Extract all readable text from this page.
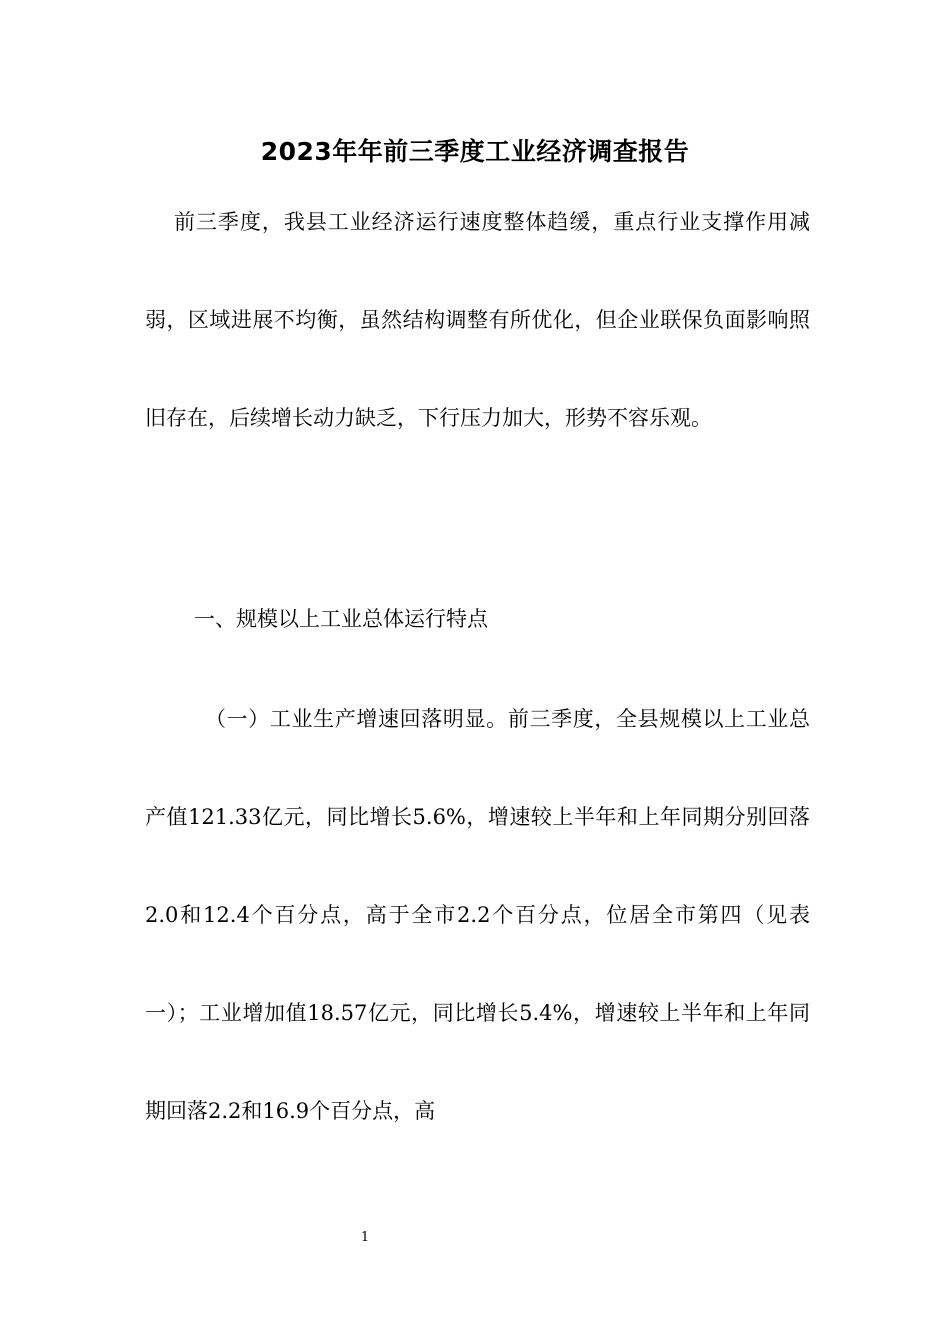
2023年年前三季度工业经济调查报告

前三季度，我县工业经济运行速度整体趋缓，重点行业支撑作用减弱，区域进展不均衡，虽然结构调整有所优化，但企业联保负面影响照旧存在，后续增长动力缺乏，下行压力加大，形势不容乐观。

一、规模以上工业总体运行特点

（一）工业生产增速回落明显。前三季度，全县规模以上工业总产值121.33亿元，同比增长5.6%，增速较上半年和上年同期分别回落2.0和12.4个百分点，高于全市2.2个百分点，位居全市第四（见表一）；工业增加值18.57亿元，同比增长5.4%，增速较上半年和上年同期回落2.2和16.9个百分点，高

1
